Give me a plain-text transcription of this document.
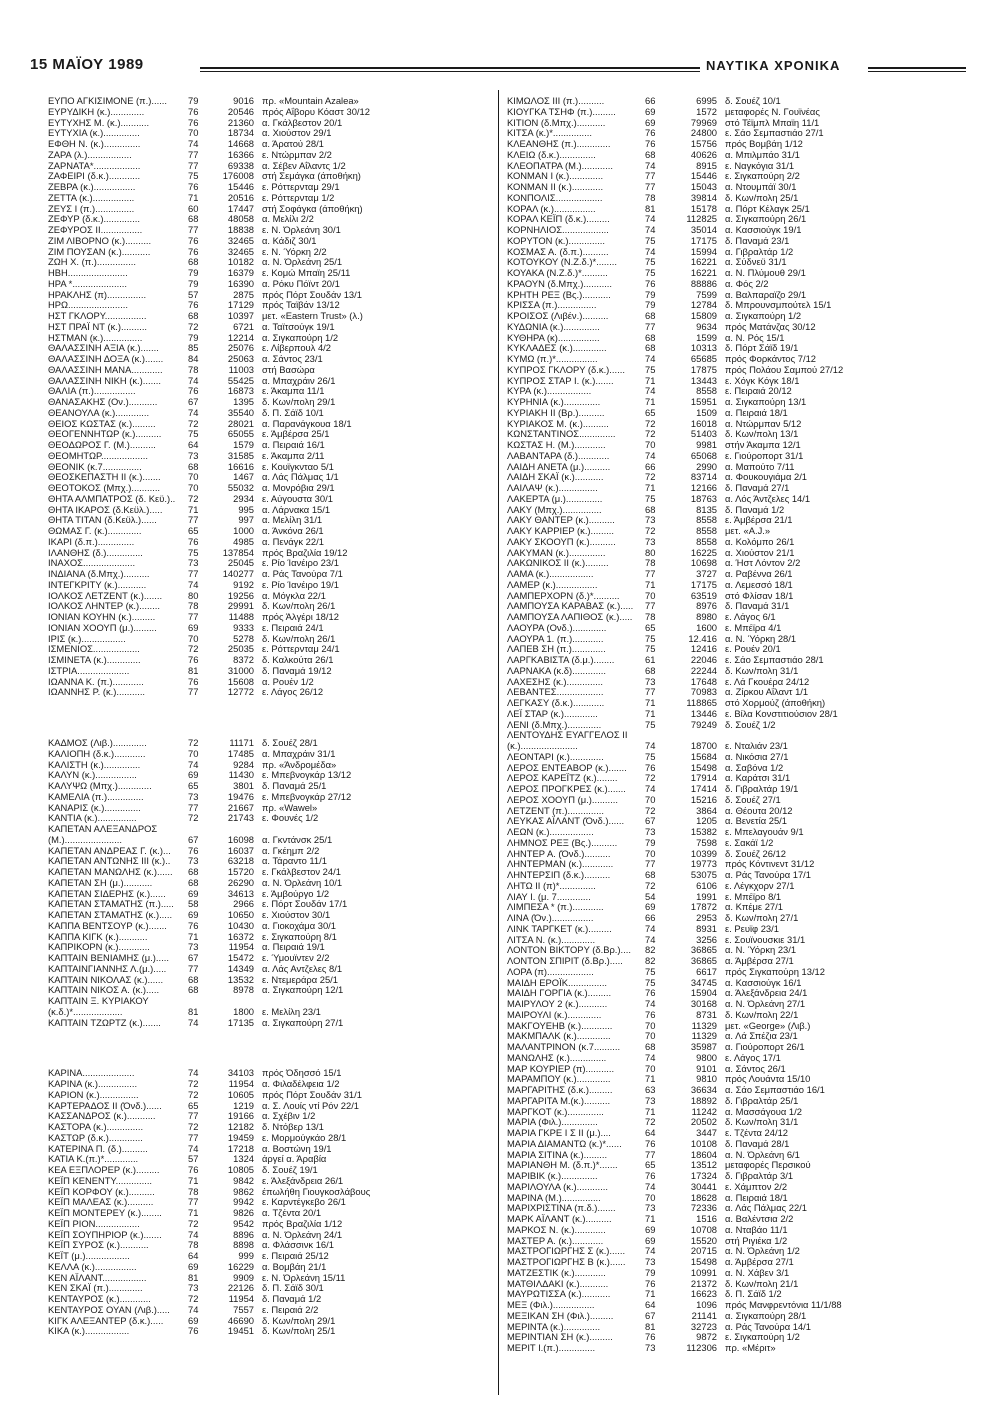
15 ΜΑΪΟΥ 1989	ΝΑΥΤΙΚΑ ΧΡΟΝΙΚΑ
ΕΥΠΟ ΑΓΚΙΣΙΜΟΝΕ (π.)......	79	9016 πρ. «Mountain Azalea»
ΕΥΡΥΔΙΚΗ (κ.).............	76	20546 πρός Αΐβορυ Κόαστ 30/12
ΕΥΤΥΧΗΣ Μ. (κ.)...........	76	21360 α. Γκάλβεστον 20/1
ΕΥΤΥΧΙΑ (κ.)..............	70	18734 α. Χιούστον 29/1
ΕΦΘΗ Ν. (κ.)..............	74	14668 α. Άρατού 28/1
ΖΑΡΑ (λ.).................	77	16366 ε. Ντώρμπαν 2/2
ΖΑΡΝΑΤΑ*..................	77	69338 α. Σέβεν Αΐλαντς 1/2
ΖΑΦΕΙΡΙ (δ.κ.)............	75	176008 στή Σεμάγκα (άποθήκη)
ΖΕΒΡΑ (κ.)................	76	15446 ε. Ρόττερνταμ 29/1
ΖΕΤΤΑ (κ.)................	71	20516 ε. Ρόττερνταμ 1/2
ΖΕΥΣ Ι (π.)...............	60	17447 στή Σοφάγκα (άποθήκη)
ΖΕΦΥΡ (δ.κ.)..............	68	48058 α. Μελίλι 2/2
ΖΕΦΥΡΟΣ ΙΙ................	77	18838 ε. Ν. Όρλεάνη 30/1
ΖΙΜ ΛΙΒΟΡΝΟ (κ.)..........	76	32465 α. Κάδιζ 30/1
ΖΙΜ ΠΟΥΣΑΝ (κ.)...........	76	32465 ε. Ν. Ύόρκη 2/2
ΖΩΗ Χ. (π.)...............	68	10182 α. Ν. Όρλεάνη 25/1
ΗΒΗ.......................	79	16379 ε. Κομώ Μπαϊη 25/11
ΗΡΑ *.....................	79	16390 α. Ρόκυ Πόϊντ 20/1
ΗΡΑΚΛΗΣ (π)...............	57	2875 πρός Πόρτ Σουδάν 13/1
ΗΡΩ.......................	76	17129 πρός Ταϊβάν 13/12
ΗΣΤ ΓΚΛΟΡΥ................	68	10397 μετ. «Eastern Trust» (λ.)
ΗΣΤ ΠΡΑΪ ΝΤ (κ.)..........	72	6721 α. Ταϊτσούγκ 19/1
ΗΣΤΜΑΝ (κ.)...............	79	12214 α. Σιγκαπούρη 1/2
ΘΑΛΑΣΣΙΝΗ ΑΞΙΑ (κ.).......	85	25076 ε. Λίβερπουλ 4/2
ΘΑΛΑΣΣΙΝΗ ΔΟΞΑ (κ.).......	84	25063 α. Σάντος 23/1
ΘΑΛΑΣΣΙΝΗ ΜΑΝΑ............	78	11003 στή Βασώρα
ΘΑΛΑΣΣΙΝΗ ΝΙΚΗ (κ.).......	74	55425 α. Μπαχράιν 26/1
ΘΑΛΙΑ (π.)................	76	16873 ε. Άκαμπα 11/1
ΘΑΝΑΣΑΚΗΣ (Ον.)...........	67	1395 δ. Κων/πολη 29/1
ΘΕΑΝΟΥΛΑ (κ.).............	74	35540 δ. Π. Σάϊδ 10/1
ΘΕΙΟΣ ΚΩΣΤΑΣ (κ.).........	72	28021 α. Παρανάγκουα 18/1
ΘΕΟΓΕΝΝΗΤΩΡ (κ.)..........	75	65055 ε. Άμβέρσα 25/1
ΘΕΟΔΩΡΟΣ Γ. (Μ.)..........	64	1579 α. Πειραιά 16/1
ΘΕΟΜΗΤΩΡ..................	73	31585 ε. Άκαμπα 2/11
ΘΕΟΝΙΚ (κ.7...............	68	16616 ε. Κουϊγκνταο 5/1
ΘΕΟΣΚΕΠΑΣΤΗ ΙΙ (κ.).......	70	1467 α. Λάς Πάλμας 1/1
ΘΕΟΤΟΚΟΣ (Μπχ.)...........	70	55032 α. Μονρόβια 29/1
ΘΗΤΑ ΑΛΜΠΑΤΡΟΣ (δ. Κεϋ.)..	72	2934 ε. Αύγουστα 30/1
ΘΗΤΑ ΙΚΑΡΟΣ (δ.Κεϋλ.).....	71	995 α. Λάρνακα 15/1
ΘΗΤΑ ΤΙΤΑΝ (δ.Κεϋλ.)......	77	997 α. Μελίλη 31/1
ΘΩΜΑΣ Γ. (κ.).............	65	1000 α. Άνκόνα 26/1
ΙΚΑΡΙ (δ.π.)..............	76	4985 α. Πενάγκ 22/1
ΙΛΑΝΘΗΣ (δ.)..............	75	137854 πρός Βραζιλία 19/12
ΙΝΑΧΟΣ....................	73	25045 ε. Ρίο Ίανέιρο 23/1
ΙΝΔΙΑΝΑ (δ.Μπχ.)..........	77	140277 α. Ράς Τανούρα 7/1
ΙΝΤΕΓΚΡΙΤΥ (κ.)...........	74	9192 ε. Ρίο Ίανέιρο 19/1
ΙΟΛΚΟΣ ΛΕΤΖΕΝΤ (κ.).......	80	19256 α. Μόγκλα 22/1
ΙΟΛΚΟΣ ΛΗΝΤΕΡ (κ.)........	78	29991 δ. Κων/πολη 26/1
ΙΟΝΙΑΝ ΚΟΥΗΝ (κ.).........	77	11488 πρός Άλγέρι 18/12
ΙΟΝΙΑΝ ΧΟΟΥΠ (μ.).........	69	9333 ε. Πειραιά 24/1
ΙΡΙΣ (κ.).................	70	5278 δ. Κων/πολη 26/1
ΙΣΜΕΝΙΟΣ..................	72	25035 ε. Ρόττερνταμ 24/1
ΙΣΜΙΝΕΤΑ (κ.).............	76	8372 δ. Καλκούτα 26/1
ΙΣΤΡΙΑ....................	81	31000 δ. Παναμά 19/12
ΙΩΑΝΝΑ Κ. (π.)............	76	15608 α. Ρουέν 1/2
ΙΩΑΝΝΗΣ Ρ. (κ.)...........	77	12772 ε. Λάγος 26/12
ΚΑΔΜΟΣ (Λιβ.).............	72	11171 δ. Σουέζ 28/1
ΚΑΛΙΟΠΗ (δ.κ.)............	70	17485 α. Μπαχράιν 31/1
ΚΑΛΙΣΤΗ (κ.)..............	74	9284 πρ. «Άνδρομέδα»
ΚΑΛΥΝ (κ.)................	69	11430 ε. Μπεβνογκάρ 13/12
ΚΑΛΥΨΩ (Μπχ.).............	65	3801 δ. Παναμά 25/1
ΚΑΜΕΛΙΑ (π.)..............	73	19476 ε. Μπεβνογκάρ 27/12
ΚΑΝΑΡΙΣ (κ.)..............	77	21667 πρ. «Wawel»
ΚΑΝΤΙΑ (κ.)...............	72	21743 ε. Φουνές 1/2
ΚΑΠΕΤΑΝ ΑΛΕΞΑΝΔΡΟΣ
(Μ.)......................	67	16098 α. Γκντάνσκ 25/1
ΚΑΠΕΤΑΝ ΑΝΔΡΕΑΣ Γ. (κ.)...	76	16037 α. Γκέημπ 2/2
ΚΑΠΕΤΑΝ ΑΝΤΩΝΗΣ ΙΙΙ (κ.)..	73	63218 α. Τάραντο 11/1
ΚΑΠΕΤΑΝ ΜΑΝΩΛΗΣ (κ.)......	68	15720 ε. Γκάλβεστον 24/1
ΚΑΠΕΤΑΝ ΣΗ (μ.)...........	68	26290 α. Ν. Όρλεάνη 10/1
ΚΑΠΕΤΑΝ ΣΙΔΕΡΗΣ (κ.)......	69	34613 ε. Άμβούργο 1/2
ΚΑΠΕΤΑΝ ΣΤΑΜΑΤΗΣ (π.).....	58	2966 ε. Πόρτ Σουδάν 17/1
ΚΑΠΕΤΑΝ ΣΤΑΜΑΤΗΣ (κ.).....	69	10650 ε. Χιούστον 30/1
ΚΑΠΠΑ ΒΕΝΤΣΟΥΡ (κ.).......	76	10430 α. Γιοκοχάμα 30/1
ΚΑΠΠΑ ΚΙΓΚ (κ.)...........	71	16372 ε. Σιγκαπούρη 8/1
ΚΑΠΡΙΚΟΡΝ (κ.)............	73	11954 α. Πειραιά 19/1
ΚΑΠΤΑΙΝ ΒΕΝΙΑΜΗΣ (μ.).....	67	15472 ε. Ύμουϊντεν 2/2
ΚΑΠΤΑΙΝΓΙΑΝΝΗΣ Λ.(μ.).....	77	14349 α. Λάς Αντζελες 8/1
ΚΑΠΤΑΙΝ ΝΙΚΟΛΑΣ (κ.)......	68	13532 ε. Ντεμεράρα 25/1
ΚΑΠΤΑΙΝ ΝΙΚΟΣ Α. (κ.).....	68	8978 α. Σιγκαπούρη 12/1
ΚΑΠΤΑΙΝ Ξ. ΚΥΡΙΑΚΟΥ
(κ.δ.)*...................	81	1800 ε. Μελίλη 23/1
ΚΑΠΤΑΙΝ ΤΖΩΡΤΖ (κ.).......	74	17135 α. Σιγκαπούρη 27/1
ΚΑΡΙΝΑ....................	74	34103 πρός Όδησσό 15/1
ΚΑΡΙΝΑ (κ.)...............	72	11954 α. Φιλαδέλφεια 1/2
ΚΑΡΙΟΝ (κ.)...............	72	10605 πρός Πόρτ Σουδάν 31/1
ΚΑΡΤΕΡΑΔΟΣ ΙΙ (Όνδ.)......	65	1219 α. Σ. Λουίς ντί Ρόν 22/1
ΚΑΣΣΑΝΔΡΟΣ (κ.)...........	77	19166 α. Σχέβιν 1/2
ΚΑΣΤΟΡΑ (κ.)..............	72	12182 δ. Ντόβερ 13/1
ΚΑΣΤΩΡ (δ.κ.).............	77	19459 ε. Μορμούγκάο 28/1
ΚΑΤΕΡΙΝΑ Π. (δ.)..........	74	17218 α. Βοστώνη 19/1
ΚΑΤΙΑ Κ.(π.)*.............	57	1324 άργεί α. Άραβία
ΚΕΑ ΕΞΠΛΟΡΕΡ (κ.).........	76	10805 δ. Σουέζ 19/1
ΚΕΪΠ ΚΕΝΕΝΤΥ..............	71	9842 ε. Άλεξάνδρεια 26/1
ΚΕΪΠ ΚΟΡΦΟΥ (κ.)..........	78	9862 έπωλήθη Γιουγκοσλάβους
ΚΕΪΠ ΜΑΛΕΑΣ (κ.)..........	77	9942 ε. Καρντέγκεβο 26/1
ΚΕΪΠ ΜΟΝΤΕΡΕΥ (κ.)........	71	9826 α. Τζέντα 20/1
ΚΕΪΠ ΡΙΟΝ.................	72	9542 πρός Βραζιλία 1/12
ΚΕΪΠ ΣΟΥΠΗΡΙΟΡ (κ.).......	74	8896 α. Ν. Όρλεάνη 24/1
ΚΕΪΠ ΣΥΡΟΣ (κ.)...........	78	8898 α. Φλάσσινκ 16/1
ΚΕΪΤ (μ.).................	64	999 ε. Πειραιά 25/12
ΚΕΛΛΑ (κ.)................	69	16229 α. Βομβάη 21/1
ΚΕΝ ΑΪΛΑΝΤ.................	81	9909 ε. Ν. Όρλεάνη 15/11
ΚΕΝ ΣΚΑΪ (π.).............	73	22126 δ. Π. Σάϊδ 30/1
ΚΕΝΤΑΥΡΟΣ (κ.)............	72	11954 δ. Παναμά 1/2
ΚΕΝΤΑΥΡΟΣ ΟΥΑΝ (Λιβ.).....	74	7557 ε. Πειραιά 2/2
ΚΙΓΚ ΑΛΕΞΑΝΤΕΡ (δ.κ.).....	69	46690 δ. Κων/πολη 29/1
ΚΙΚΑ (κ.).................	76	19451 δ. Κων/πολη 25/1
ΚΙΜΩΛΟΣ ΙΙΙ (π.)..........	66	6995 δ. Σουέζ 10/1
ΚΙΟΥΓΚΑ ΤΣΗΦ (π.).........	69	1572 μεταφορές Ν. Γουϊνέας
ΚΙΤΙΟΝ (δ.Μπχ.)...........	69	79969 στό Τέϊμπλ Μπαϊη 11/1
ΚΙΤΣΑ (κ.)*...............	76	24800 ε. Σάο Σεμπαστιάο 27/1
ΚΛΕΑΝΘΗΣ (π.).............	76	15756 πρός Βομβάη 1/12
ΚΛΕΙΩ (δ.κ.)..............	68	40626 α. Μπιλμπάο 31/1
ΚΛΕΟΠΑΤΡΑ (Μ.)............	74	8915 ε. Ναγκόγια 31/1
ΚΟΝΜΑΝ Ι (κ.).............	77	15446 ε. Σιγκαπούρη 2/2
ΚΟΝΜΑΝ ΙΙ (κ.)............	77	15043 α. Ντουμπάϊ 30/1
ΚΟΝΠΟΛΙΣ..................	78	39814 δ. Κων/πολη 25/1
ΚΟΡΑΛ (κ.)................	81	15178 α. Πόρτ Κέλαγκ 25/1
ΚΟΡΑΛ ΚΕΪΠ (δ.κ.).........	74	112825 α. Σιγκαπούρη 26/1
ΚΟΡΝΗΛΙΟΣ..................	74	35014 α. Κασσιούγκ 19/1
ΚΟΡΥΤΟΝ (κ.)..............	75	17175 δ. Παναμά 23/1
ΚΟΣΜΑΣ Α. (δ.π.)..........	74	15994 α. Γιβραλτάρ 1/2
ΚΟΤΟΥΚΟΥ (Ν.Ζ.δ.)*........	75	16221 α. Σύδνεϋ 31/1
ΚΟΥΑΚΑ (Ν.Ζ.δ.)*..........	75	16221 α. Ν. Πλύμουθ 29/1
ΚΡΑΟΥΝ (δ.Μπχ.)...........	76	88886 α. Φός 2/2
ΚΡΗΤΗ ΡΕΞ (Βς.)...........	79	7599 α. Βαλπαραϊζο 29/1
ΚΡΙΣΣΑ (π.)...............	79	12784 δ. Μπρουνσμπούτελ 15/1
ΚΡΟΙΣΟΣ (Λιβέν.)..........	68	15809 α. Σιγκαπούρη 1/2
ΚΥΔΩΝΙΑ (κ.)..............	77	9634 πρός Ματάνζας 30/12
ΚΥΘΗΡΑ (κ)................	68	1599 α. Ν. Ρός 15/1
ΚΥΚΛΑΔΕΣ (κ.).............	68	10313 δ. Πόρτ Σάϊδ 19/1
ΚΥΜΩ (π.)*................	74	65685 πρός Φορκάντος 7/12
ΚΥΠΡΟΣ ΓΚΛΟΡΥ (δ.κ.)......	75	17875 πρός Πολάου Σαμπού 27/12
ΚΥΠΡΟΣ ΣΤΑΡ Ι. (κ.).......	71	13443 ε. Χόγκ Κόγκ 18/1
ΚΥΡΑ (κ.).................	74	8558 ε. Πειραιά 20/12
ΚΥΡΗΝΙΑ (κ.)..............	71	15951 α. Σιγκαπούρη 13/1
ΚΥΡΙΑΚΗ ΙΙ (Βρ.)..........	65	1509 α. Πειραιά 18/1
ΚΥΡΙΑΚΟΣ Μ. (κ.)..........	72	16018 α. Ντώρμπαν 5/12
ΚΩΝΣΤΑΝΤΙΝΟΣ..............	72	51403 δ. Κων/πολη 13/1
ΚΩΣΤΑΣ Η. (Μ.)............	70	9981 στήν Άκαμπα 12/1
ΛΑΒΑΝΤΑΡΑ (δ.)............	74	65068 ε. Γιούροπορτ 31/1
ΛΑΙΔΗ ΑΝΕΤΑ (μ.)..........	66	2990 α. Μαπούτο 7/11
ΛΑΙΔΗ ΣΚΑΪ (κ.)...........	72	83714 α. Φουκουγιάμα 2/1
ΛΑΙΛΑΨ (κ.)...............	71	12166 δ. Παναμά 27/1
ΛΑΚΕΡΤΑ (μ.)..............	75	18763 α. Λός Άντζελες 14/1
ΛΑΚΥ (Μπχ.)...............	68	8135 δ. Παναμά 1/2
ΛΑΚΥ ΘΑΝΤΕΡ (κ.)..........	73	8558 ε. Άμβέρσα 21/1
ΛΑΚΥ ΚΑΡΡΙΕΡ (κ.).........	72	8558 μετ. «A.J.»
ΛΑΚΥ ΣΚΟΟΥΠ (κ.)..........	73	8558 α. Κολόμπο 26/1
ΛΑΚΥΜΑΝ (κ.)..............	80	16225 α. Χιούστον 21/1
ΛΑΚΩΝΙΚΟΣ ΙΙ (κ.).........	78	10698 α. Ήστ Λόντον 2/2
ΛΑΜΑ (κ.).................	77	3727 α. Ραβέννα 26/1
ΛΑΜΕΡ (κ.)................	71	17175 α. Λεμεσσό 18/1
ΛΑΜΠΕΡΧΟΡΝ (δ.)*..........	70	63519 στό Φλίσαν 18/1
ΛΑΜΠΟΥΣΑ ΚΑΡΑΒΑΣ (κ.).....	77	8976 δ. Παναμά 31/1
ΛΑΜΠΟΥΣΑ ΛΑΠΙΘΟΣ (κ.).....	78	8980 ε. Λάγος 6/1
ΛΑΟΥΡΑ (Ονδ.).............	65	1600 ε. Μπέϊρα 4/1
ΛΑΟΥΡΑ 1. (π.)............	75	12.416 α. Ν. Ύόρκη 28/1
ΛΑΠΕΒ ΣΗ (π.).............	75	12416 ε. Ρουέν 20/1
ΛΑΡΓΚΑΒΙΣΤΑ (δ.μ.)........	61	22046 ε. Σάο Σεμπαστιάο 28/1
ΛΑΡΝΑΚΑ (κ.δ).............	68	22244 δ. Κων/πολη 31/1
ΛΑΧΕΣΗΣ (κ.)..............	73	17648 ε. Λά Γκουέρα 24/12
ΛΕΒΑΝΤΕΣ..................	77	70983 α. Ζίρκου Αΐλαντ 1/1
ΛΕΓΚΑΣΥ (δ.κ.)............	71	118865 στό Χορμούζ (άποθήκη)
ΛΕΪ ΣΤΑΡ (κ.).............	71	13446 ε. Βίλα Κονστιτιούσιον 28/1
ΛΕΝΙ (δ.Μπχ.).............	75	79249 δ. Σουέζ 1/2
ΛΕΝΤΟΥΔΗΣ ΕΥΑΓΓΕΛΟΣ ΙΙ
(κ.)......................	74	18700 ε. Νταλιάν 23/1
ΛΕΟΝΤΑΡΙ (κ.).............	75	15684 α. Νικόσια 27/1
ΛΕΡΟΣ ΕΝΤΕΑΒΟΡ (κ.).......	76	15498 α. Σαβόνα 1/2
ΛΕΡΟΣ ΚΑΡΕΪΤΖ (κ.)........	72	17914 α. Καράτσι 31/1
ΛΕΡΟΣ ΠΡΟΓΚΡΕΣ (κ.).......	74	17414 δ. Γιβραλτάρ 19/1
ΛΕΡΟΣ ΧΟΟΥΠ (μ.)..........	70	15216 δ. Σουέζ 27/1
ΛΕΤΖΕΝΤ (π.)..............	72	3864 α. Θέουτα 20/12
ΛΕΥΚΑΣ ΑΪΛΑΝΤ (Όνδ.)......	67	1205 α. Βενετία 25/1
ΛΕΩΝ (κ.).................	73	15382 ε. Μπελαγουάν 9/1
ΛΗΜΝΟΣ ΡΕΞ (Βς.)..........	79	7598 ε. Σακάϊ 1/2
ΛΗΝΤΕΡ Α. (Όνδ.)..........	70	10399 δ. Σουέζ 26/12
ΛΗΝΤΕΡΜΑΝ (κ.)............	77	19773 πρός Κόντινεντ 31/12
ΛΗΝΤΕΡΣΙΠ (δ.κ.)..........	68	53075 α. Ράς Τανούρα 17/1
ΛΗΤΩ ΙΙ (π)*..............	72	6106 ε. Λέγκχορν 27/1
ΛΙΑΥ Ι. (μ. 7.............	54	1991 ε. Μπέϊρο 8/1
ΛΙΜΠΕΣΑ * (π.)............	69	17872 α. Κπέμε 27/1
ΛΙΝΑ (Όν.)................	66	2953 δ. Κων/πολη 27/1
ΛΙΝΚ ΤΑΡΓΚΕΤ (κ.).........	74	8931 ε. Ρευϊφ 23/1
ΛΙΤΣΑ Ν. (κ.).............	74	3256 ε. Σουϊνουσκιε 31/1
ΛΟΝΤΟΝ ΒΙΚΤΟΡΥ (δ.Βρ.)....	82	36865 α. Ν. Ύόρκη 23/1
ΛΟΝΤΟΝ ΣΠΙΡΙΤ (δ.Βρ.).....	82	36865 α. Άμβέρσα 27/1
ΛΟΡΑ (π)..................	75	6617 πρός Σιγκαπούρη 13/12
ΜΑΙΔΗ ΕΡΟΪΚ...............	75	34745 α. Κασσιούγκ 16/1
ΜΑΙΔΗ ΓΟΡΓΙΑ (κ.).........	76	15904 α. Άλεξάνδρεια 24/1
ΜΑΙΡΥΛΟΥ 2 (κ.)...........	74	30168 α. Ν. Όρλεάνη 27/1
ΜΑΙΡΟΥΛΙ (κ.).............	76	8731 δ. Κων/πολη 22/1
ΜΑΚΓΟΥΕΗΒ (κ.)............	70	11329 μετ. «George» (Λιβ.)
ΜΑΚΜΠΑΛΚ (κ.).............	70	11329 α. Λά Σπέζια 23/1
ΜΑΛΑΝΤΡΙΝΟΝ (κ.7..........	68	35987 α. Γιούροπορτ 26/1
ΜΑΝΩΛΗΣ (κ.)..............	74	9800 ε. Λάγος 17/1
ΜΑΡ ΚΟΥΡΙΕΡ (π)...........	70	9101 α. Σάντος 26/1
ΜΑΡΑΜΠΟΥ (κ.).............	71	9810 πρός Λουάντα 15/10
ΜΑΡΓΑΡΙΤΗΣ (δ.κ.).........	63	36634 α. Σάο Σεμπαστιάο 16/1
ΜΑΡΓΑΡΙΤΑ Μ.(κ.)..........	73	18892 δ. Γιβραλτάρ 25/1
ΜΑΡΓΚΟΤ (κ.)..............	71	11242 α. Μασσάγουα 1/2
ΜΑΡΙΑ (Φιλ.)..............	72	20502 δ. Κων/πολη 31/1
ΜΑΡΙΑ ΓΚΡΕ Ι Σ ΙΙ (μ.)....	64	3447 ε. Τζέντα 24/12
ΜΑΡΙΑ ΔΙΑΜΑΝΤΩ (κ.)*......	76	10108 δ. Παναμά 28/1
ΜΑΡΙΑ ΣΙΤΙΝΑ (κ.).........	77	18604 α. Ν. Όρλεάνη 6/1
ΜΑΡΙΑΝΘΗ Μ. (δ.π.)*.......	65	13512 μεταφορές Περσικού
ΜΑΡΙΒΙΚ (κ.)..............	76	17324 δ. Γιβραλτάρ 3/1
ΜΑΡΙΛΟΥΛΑ (κ.)............	74	30441 ε. Χάμπτον 2/2
ΜΑΡΙΝΑ (Μ.)...............	70	18628 α. Πειραιά 18/1
ΜΑΡΙΧΡΙΣΤΙΝΑ (π.δ.).......	73	72336 α. Λάς Πάλμας 22/1
ΜΑΡΚ ΑΪΛΑΝΤ (κ.)..........	71	1516 α. Βαλέντσια 2/2
ΜΑΡΚΟΣ Ν. (κ.)............	69	10708 α. Νταβάο 11/1
ΜΑΣΤΕΡ Α. (κ.)............	69	15520 στή Ριγιέκα 1/2
ΜΑΣΤΡΟΓΙΩΡΓΗΣ Σ (κ.)......	74	20715 α. Ν. Όρλεάνη 1/2
ΜΑΣΤΡΟΓΙΩΡΓΗΣ Β (κ.)......	73	15498 α. Άμβέρσα 27/1
ΜΑΤΖΕΣΤΙΚ (κ.)............	79	10991 α. Ν. Χάβεν 3/1
ΜΑΤΘΙΛΔΑΚΙ (κ.)...........	76	21372 δ. Κων/πολη 21/1
ΜΑΥΡΩΤΙΣΣΑ (κ.)...........	71	16623 δ. Π. Σάϊδ 1/2
ΜΕΞ (Φιλ.)................	64	1096 πρός Μανφρεντόνια 11/1/88
ΜΕΞΙΚΑΝ ΣΗ (Φιλ.).........	67	21141 α. Σιγκαπούρη 28/1
ΜΕΡΙΝΤΑ (κ.)..............	81	32723 α. Ράς Τανούρα 14/1
ΜΕΡΙΝΤΙΑΝ ΣΗ (κ.).........	76	9872 ε. Σιγκαπούρη 1/2
ΜΕΡΙΤ Ι.(π.)..............	73	112306 πρ. «Μέριτ»
